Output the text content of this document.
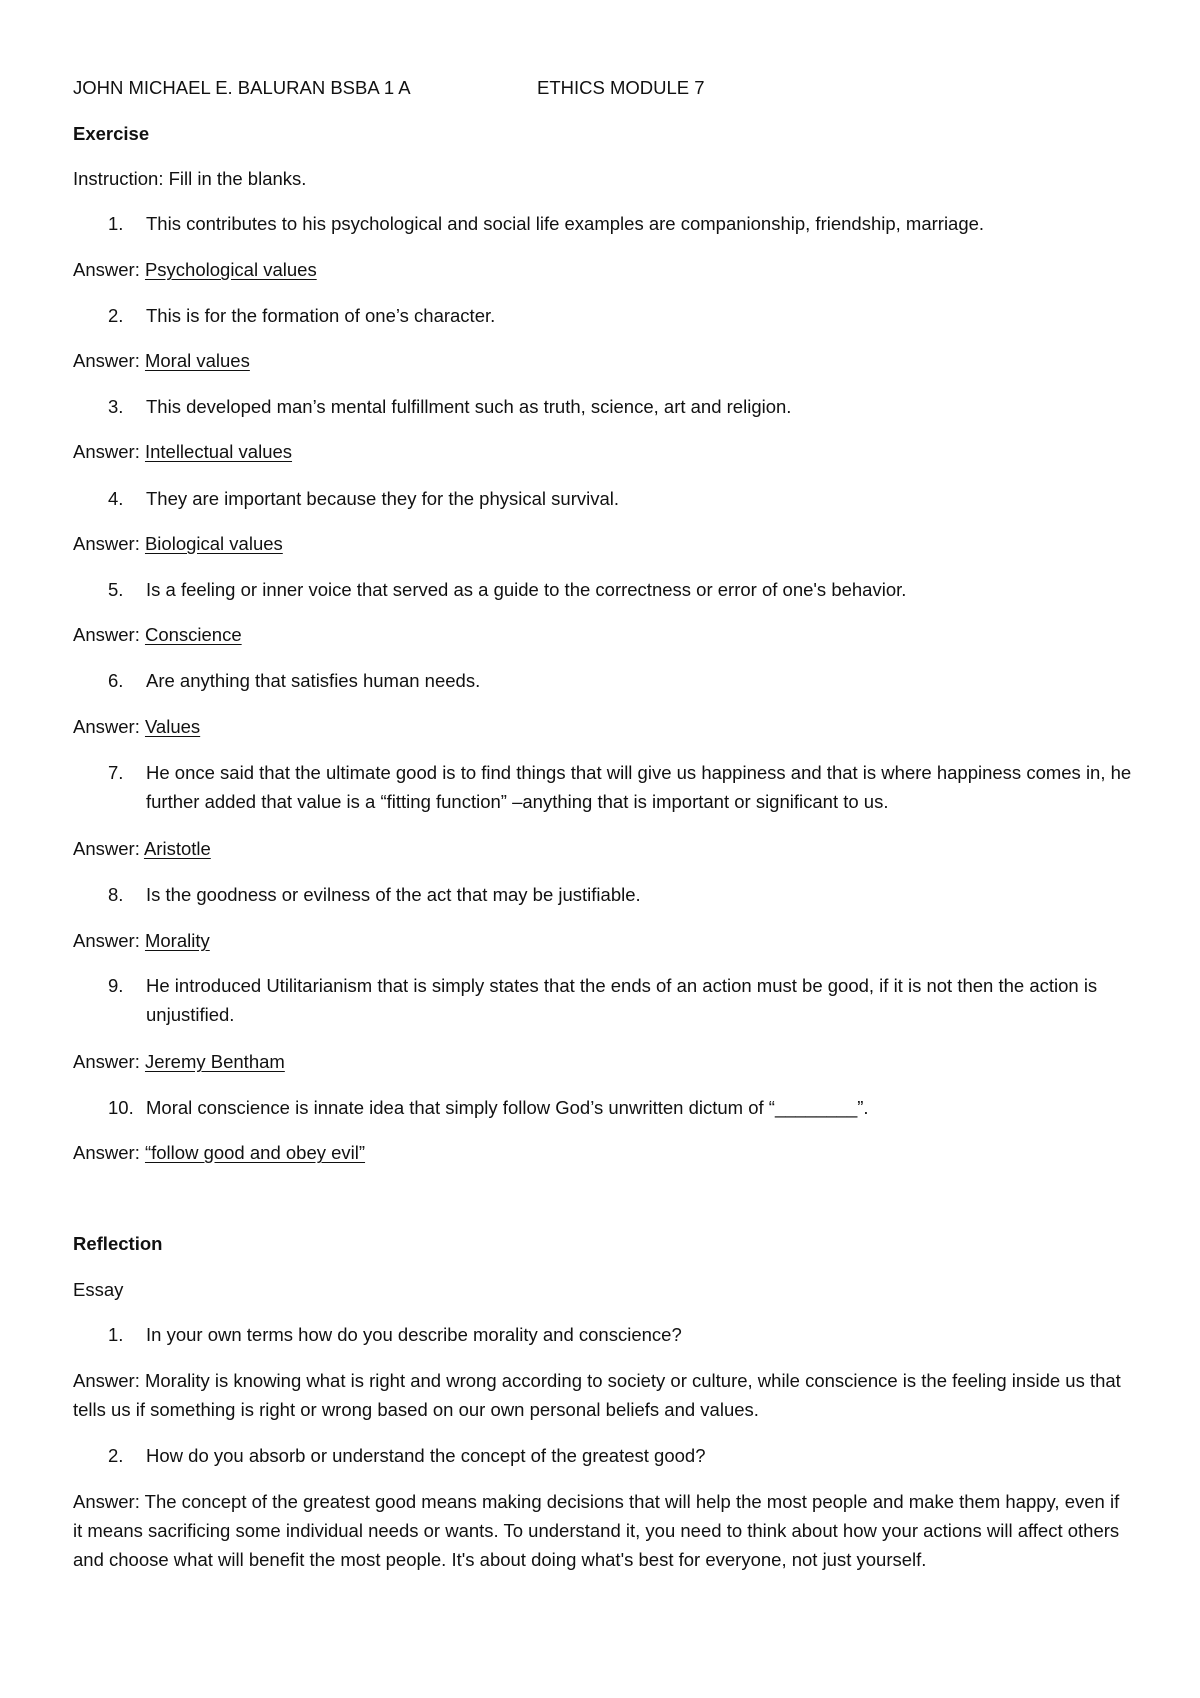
JOHN MICHAEL E. BALURAN BSBA 1 A	ETHICS MODULE 7
Exercise
Instruction: Fill in the blanks.
1.	This contributes to his psychological and social life examples are companionship, friendship, marriage.
Answer: Psychological values
2.	This is for the formation of one’s character.
Answer: Moral values
3.	This developed man’s mental fulfillment such as truth, science, art and religion.
Answer: Intellectual values
4.	They are important because they for the physical survival.
Answer: Biological values
5.	Is a feeling or inner voice that served as a guide to the correctness or error of one's behavior.
Answer: Conscience
6.	Are anything that satisfies human needs.
Answer: Values
7.	He once said that the ultimate good is to find things that will give us happiness and that is where happiness comes in, he further added that value is a “fitting function” –anything that is important or significant to us.
Answer: Aristotle
8.	Is the goodness or evilness of the act that may be justifiable.
Answer: Morality
9.	He introduced Utilitarianism that is simply states that the ends of an action must be good, if it is not then the action is unjustified.
Answer: Jeremy Bentham
10. Moral conscience is innate idea that simply follow God’s unwritten dictum of “________”.
Answer: “follow good and obey evil”
Reflection
Essay
1.	In your own terms how do you describe morality and conscience?
Answer: Morality is knowing what is right and wrong according to society or culture, while conscience is the feeling inside us that tells us if something is right or wrong based on our own personal beliefs and values.
2.	How do you absorb or understand the concept of the greatest good?
Answer: The concept of the greatest good means making decisions that will help the most people and make them happy, even if it means sacrificing some individual needs or wants. To understand it, you need to think about how your actions will affect others and choose what will benefit the most people. It's about doing what's best for everyone, not just yourself.
